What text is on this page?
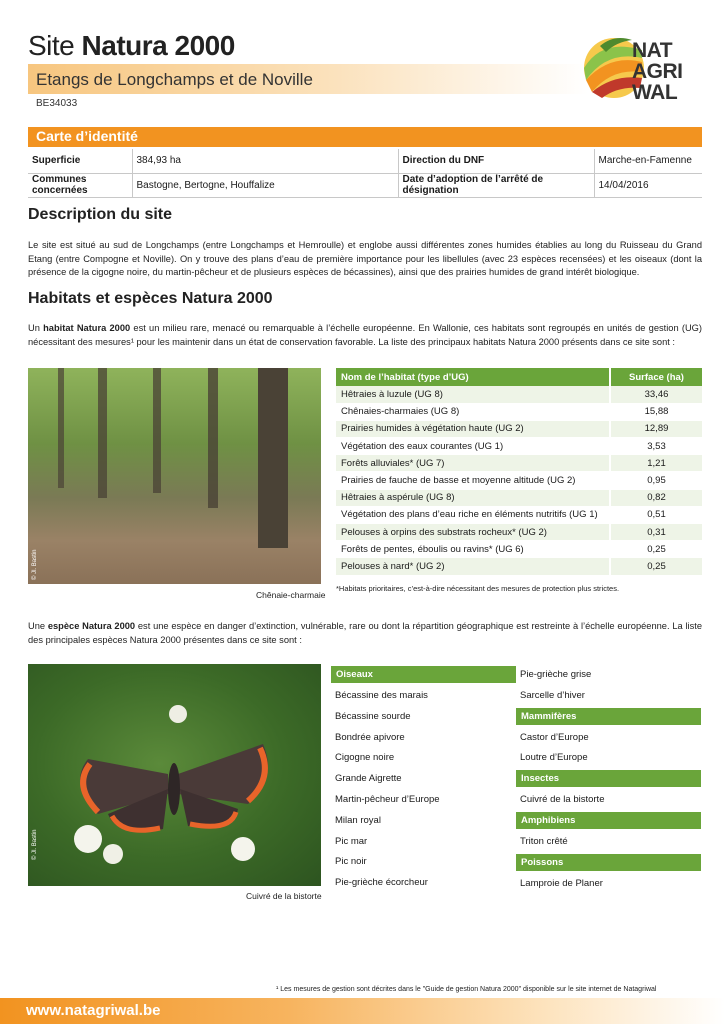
Site Natura 2000
Etangs de Longchamps et de Noville
BE34033
NAT
AGRI
WAL
Carte d’identité
Superficie	384,93 ha	Direction du DNF	Marche-en-Famenne
Communes concernées	Bastogne, Bertogne, Houffalize	Date d’adoption de l’arrêté de désignation	14/04/2016
Description du site
Le site est situé au sud de Longchamps (entre Longchamps et Hemroulle) et englobe aussi différentes zones humides établies au long du Ruisseau du Grand Etang (entre Compogne et Noville). On y trouve des plans d’eau de première importance pour les libellules (avec 23 espèces recensées) et les oiseaux (dont la présence de la cigogne noire, du martin-pêcheur et de plusieurs espèces de bécassines), ainsi que des prairies humides de grand intérêt biologique.
Habitats et espèces Natura 2000
Un habitat Natura 2000 est un milieu rare, menacé ou remarquable à l’échelle européenne. En Wallonie, ces habitats sont regroupés en unités de gestion (UG) nécessitant des mesures¹ pour les maintenir dans un état de conservation favorable. La liste des principaux habitats Natura 2000 présents dans ce site sont :
© Jl. Bastin
Chênaie-charmaie
Nom de l’habitat (type d’UG)	Surface (ha)
Hêtraies à luzule (UG 8)	33,46
Chênaies-charmaies (UG 8)	15,88
Prairies humides à végétation haute (UG 2)	12,89
Végétation des eaux courantes (UG 1)	3,53
Forêts alluviales* (UG 7)	1,21
Prairies de fauche de basse et moyenne altitude (UG 2)	0,95
Hêtraies à aspérule (UG 8)	0,82
Végétation des plans d’eau riche en éléments nutritifs (UG 1)	0,51
Pelouses à orpins des substrats rocheux* (UG 2)	0,31
Forêts de pentes, éboulis ou ravins* (UG 6)	0,25
Pelouses à nard* (UG 2)	0,25
*Habitats prioritaires, c’est-à-dire nécessitant des mesures de protection plus strictes.
Une espèce Natura 2000 est une espèce en danger d’extinction, vulnérable, rare ou dont la répartition géographique est restreinte à l’échelle européenne. La liste des principales espèces Natura 2000 présentes dans ce site sont :
© Jl. Bastin
Cuivré de la bistorte
Oiseaux
Bécassine des marais
Bécassine sourde
Bondrée apivore
Cigogne noire
Grande Aigrette
Martin-pêcheur d’Europe
Milan royal
Pic mar
Pic noir
Pie-grièche écorcheur
Pie-grièche grise
Sarcelle d’hiver
Mammifères
Castor d’Europe
Loutre d’Europe
Insectes
Cuivré de la bistorte
Amphibiens
Triton crêté
Poissons
Lamproie de Planer
¹ Les mesures de gestion sont décrites dans le "Guide de gestion Natura 2000" disponible sur le site internet de Natagriwal
www.natagriwal.be
